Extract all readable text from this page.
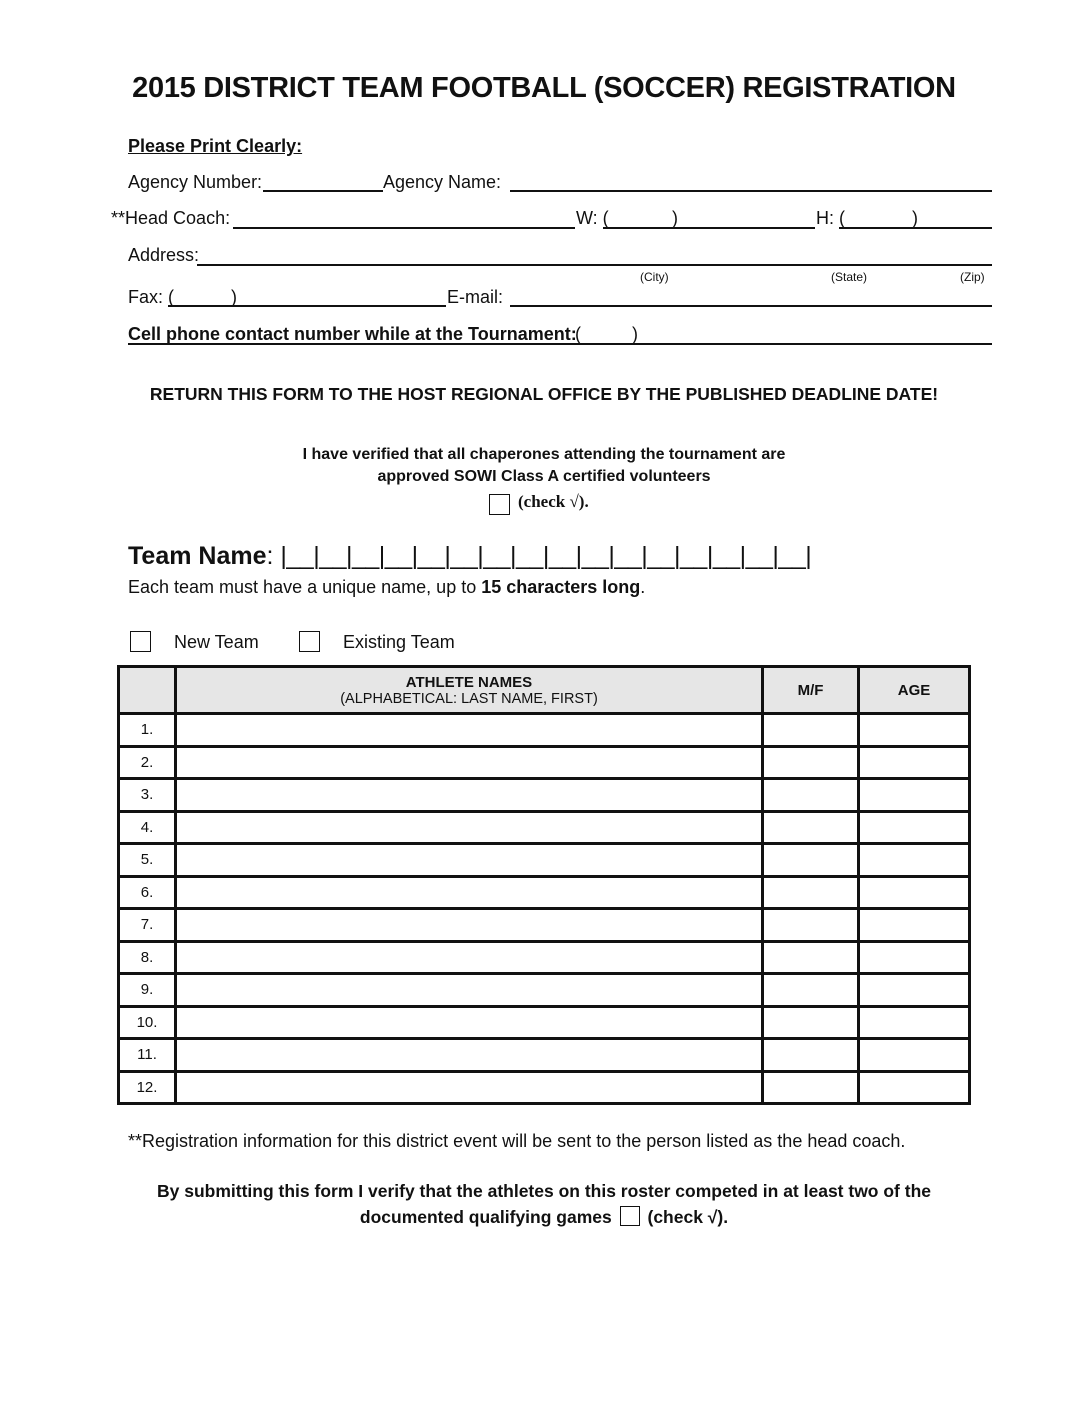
2015 DISTRICT TEAM FOOTBALL (SOCCER) REGISTRATION
Please Print Clearly:
Agency Number:	Agency Name:
**Head Coach:	W: (	)	H: (	)
Address:
(City)	(State)	(Zip)
Fax: (	)	E-mail:
Cell phone contact number while at the Tournament:
(	)
RETURN THIS FORM TO THE HOST REGIONAL OFFICE BY THE PUBLISHED DEADLINE DATE!
I have verified that all chaperones attending the tournament are
approved SOWI Class A certified volunteers
(check √).
Team Name: |__|__|__|__|__|__|__|__|__|__|__|__|__|__|__|__|
Each team must have a unique name, up to 15 characters long.
New Team	Existing Team
	ATHLETE NAMES
(ALPHABETICAL: LAST NAME, FIRST)	M/F	AGE
1.			
2.			
3.			
4.			
5.			
6.			
7.			
8.			
9.			
10.			
11.			
12.			
**Registration information for this district event will be sent to the person listed as the head coach.
By submitting this form I verify that the athletes on this roster competed in at least two of the
documented qualifying games (check √).
